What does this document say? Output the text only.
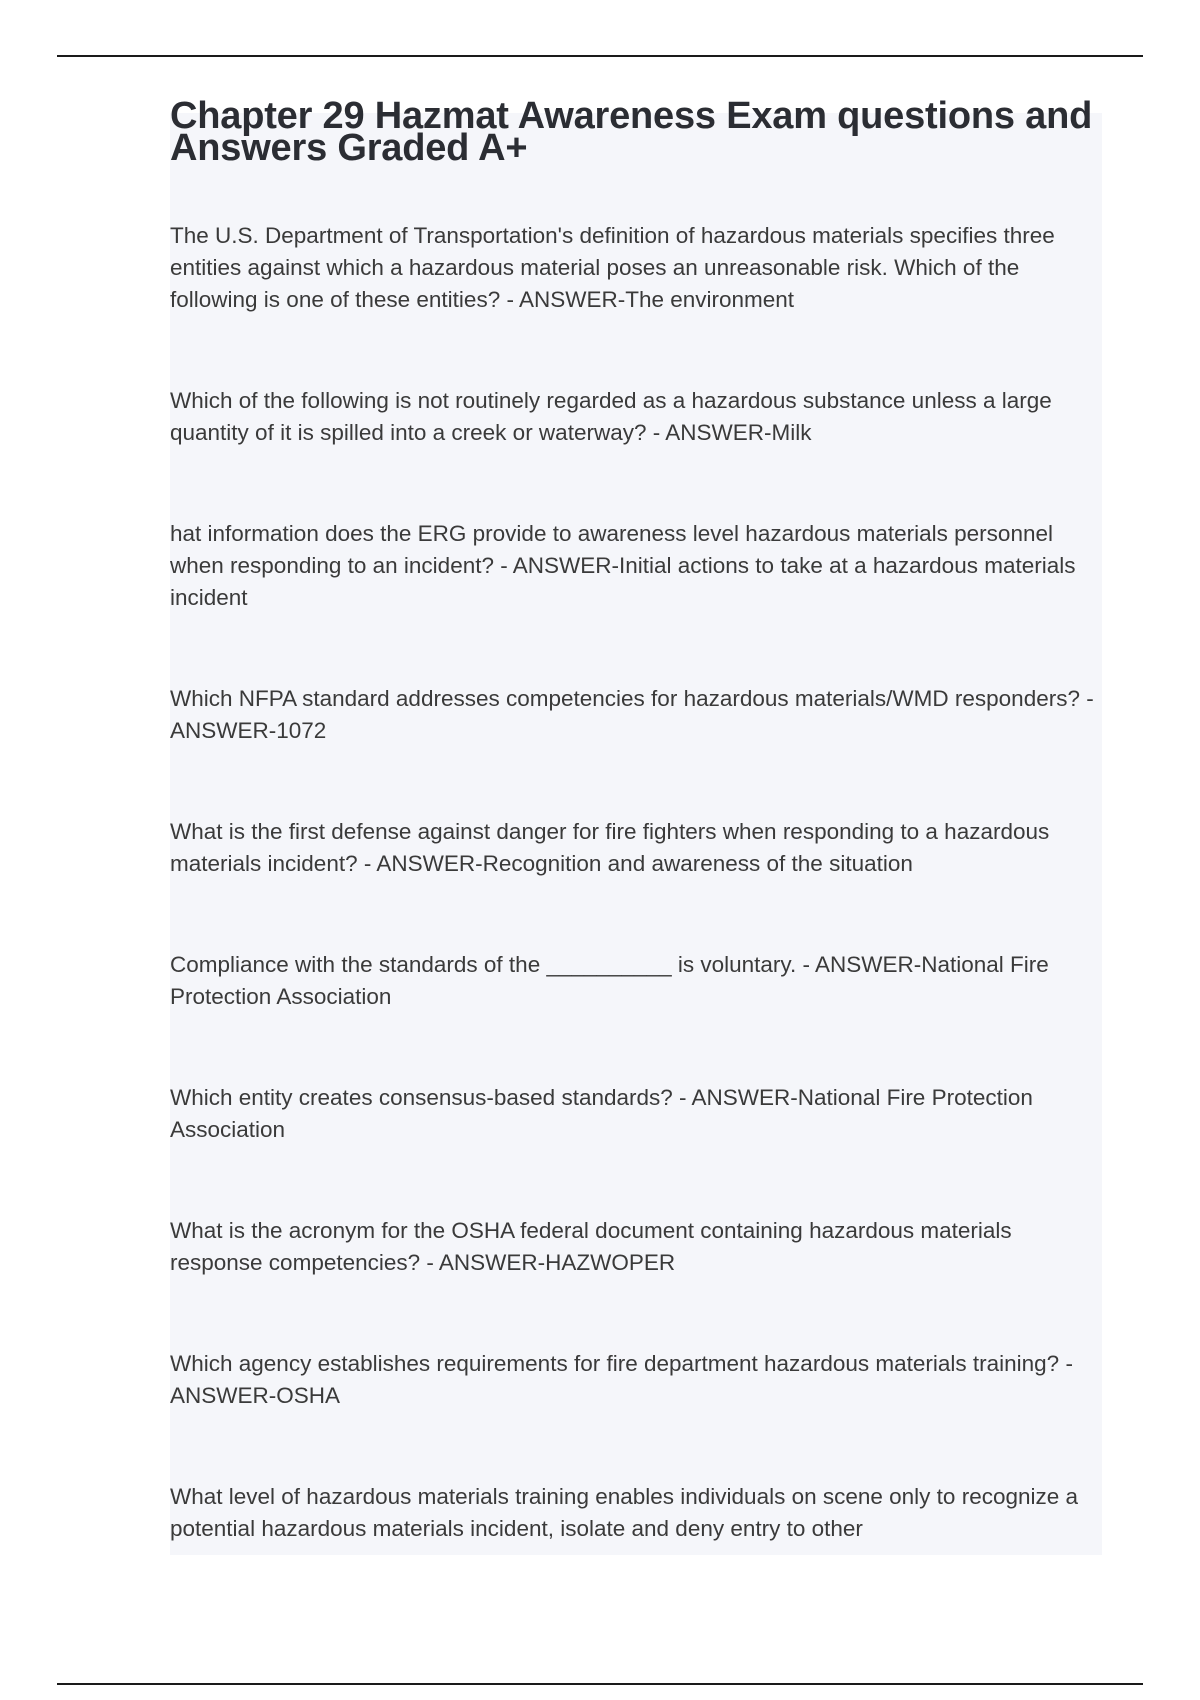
Chapter 29 Hazmat Awareness Exam questions and Answers Graded A+

The U.S. Department of Transportation's definition of hazardous materials specifies three entities against which a hazardous material poses an unreasonable risk. Which of the following is one of these entities? - ANSWER-The environment

Which of the following is not routinely regarded as a hazardous substance unless a large quantity of it is spilled into a creek or waterway? - ANSWER-Milk

hat information does the ERG provide to awareness level hazardous materials personnel when responding to an incident? - ANSWER-Initial actions to take at a hazardous materials incident

Which NFPA standard addresses competencies for hazardous materials/WMD responders? - ANSWER-1072

What is the first defense against danger for fire fighters when responding to a hazardous materials incident? - ANSWER-Recognition and awareness of the situation

Compliance with the standards of the __________ is voluntary. - ANSWER-National Fire Protection Association

Which entity creates consensus-based standards? - ANSWER-National Fire Protection Association

What is the acronym for the OSHA federal document containing hazardous materials response competencies? - ANSWER-HAZWOPER

Which agency establishes requirements for fire department hazardous materials training? - ANSWER-OSHA

What level of hazardous materials training enables individuals on scene only to recognize a potential hazardous materials incident, isolate and deny entry to other
